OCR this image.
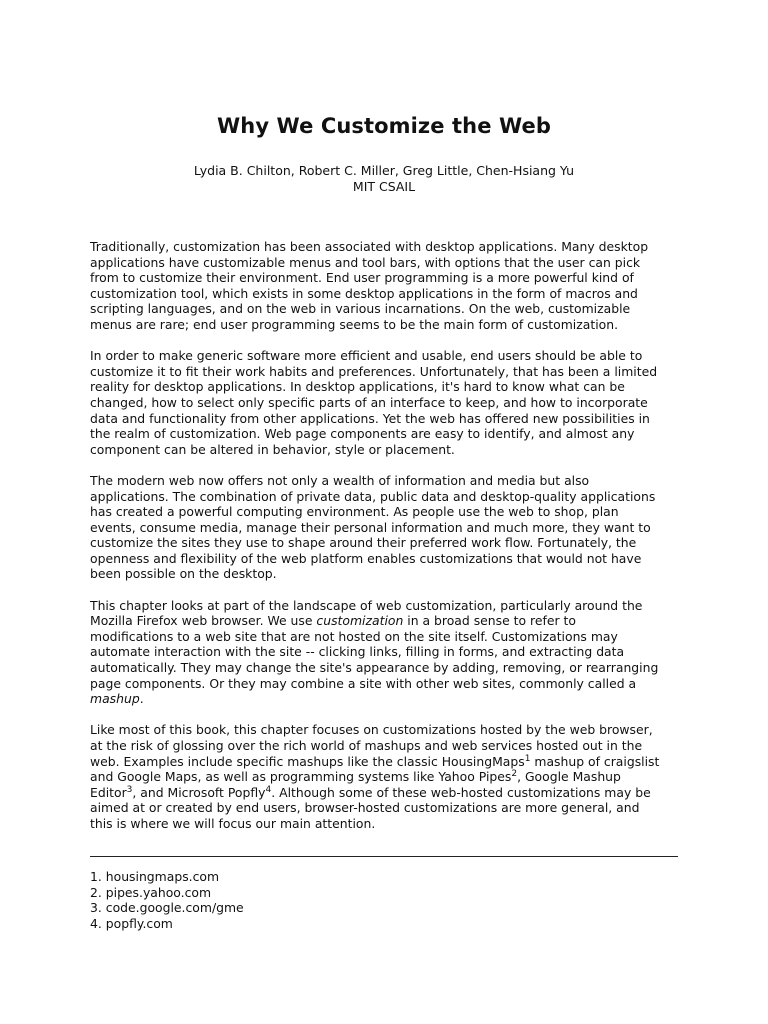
Why We Customize the Web
Lydia B. Chilton, Robert C. Miller, Greg Little, Chen-Hsiang Yu
MIT CSAIL

Traditionally, customization has been associated with desktop applications. Many desktop
applications have customizable menus and tool bars, with options that the user can pick
from to customize their environment. End user programming is a more powerful kind of
customization tool, which exists in some desktop applications in the form of macros and
scripting languages, and on the web in various incarnations. On the web, customizable
menus are rare; end user programming seems to be the main form of customization.

In order to make generic software more efficient and usable, end users should be able to
customize it to fit their work habits and preferences. Unfortunately, that has been a limited
reality for desktop applications. In desktop applications, it's hard to know what can be
changed, how to select only specific parts of an interface to keep, and how to incorporate
data and functionality from other applications. Yet the web has offered new possibilities in
the realm of customization. Web page components are easy to identify, and almost any
component can be altered in behavior, style or placement.

The modern web now offers not only a wealth of information and media but also
applications. The combination of private data, public data and desktop-quality applications
has created a powerful computing environment. As people use the web to shop, plan
events, consume media, manage their personal information and much more, they want to
customize the sites they use to shape around their preferred work flow. Fortunately, the
openness and flexibility of the web platform enables customizations that would not have
been possible on the desktop.

This chapter looks at part of the landscape of web customization, particularly around the
Mozilla Firefox web browser. We use customization in a broad sense to refer to
modifications to a web site that are not hosted on the site itself. Customizations may
automate interaction with the site -- clicking links, filling in forms, and extracting data
automatically. They may change the site's appearance by adding, removing, or rearranging
page components. Or they may combine a site with other web sites, commonly called a
mashup.

Like most of this book, this chapter focuses on customizations hosted by the web browser,
at the risk of glossing over the rich world of mashups and web services hosted out in the
web. Examples include specific mashups like the classic HousingMaps$^1$ mashup of craigslist
and Google Maps, as well as programming systems like Yahoo Pipes$^2$, Google Mashup
Editor$^3$, and Microsoft Popfly$^4$. Although some of these web-hosted customizations may be
aimed at or created by end users, browser-hosted customizations are more general, and
this is where we will focus our main attention.

1. housingmaps.com
2. pipes.yahoo.com
3. code.google.com/gme
4. popfly.com
